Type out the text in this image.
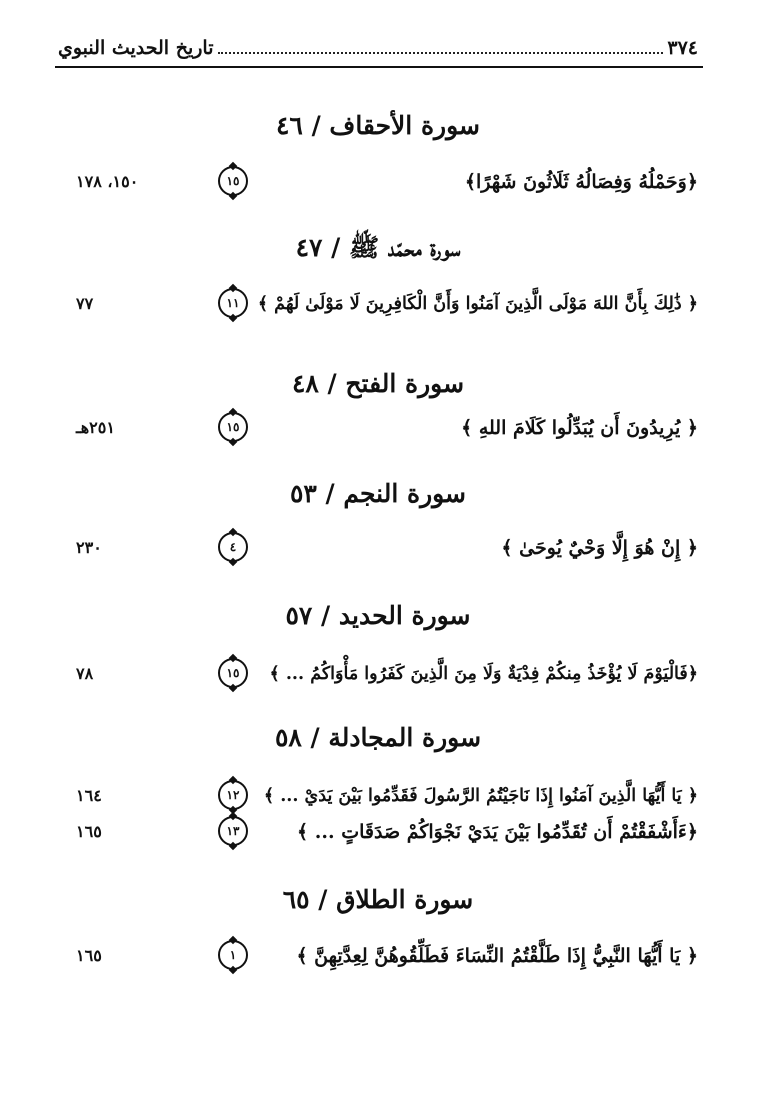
٣٧٤
تاريخ الحديث النبوي
سورة الأحقاف / ٤٦
﴿وَحَمْلُهُ وَفِصَالُهُ ثَلَاثُونَ شَهْرًا﴾
١٥
١٥٠، ١٧٨
سورة محمّد ﷺ / ٤٧
﴿ ذَٰلِكَ بِأَنَّ اللهَ مَوْلَى الَّذِينَ آمَنُوا وَأَنَّ الْكَافِرِينَ لَا مَوْلَىٰ لَهُمْ ﴾
١١
٧٧
سورة الفتح / ٤٨
﴿ يُرِيدُونَ أَن يُبَدِّلُوا كَلَامَ اللهِ ﴾
١٥
٢٥١هـ
سورة النجم / ٥٣
﴿ إِنْ هُوَ إِلَّا وَحْيٌ يُوحَىٰ ﴾
٤
٢٣٠
سورة الحديد / ٥٧
﴿فَالْيَوْمَ لَا يُؤْخَذُ مِنكُمْ فِدْيَةٌ وَلَا مِنَ الَّذِينَ كَفَرُوا مَأْوَاكُمُ ... ﴾
١٥
٧٨
سورة المجادلة / ٥٨
﴿ يَا أَيُّهَا الَّذِينَ آمَنُوا إِذَا نَاجَيْتُمُ الرَّسُولَ فَقَدِّمُوا بَيْنَ يَدَيْ ... ﴾
١٢
١٦٤
﴿ءَأَشْفَقْتُمْ أَن تُقَدِّمُوا بَيْنَ يَدَيْ نَجْوَاكُمْ صَدَقَاتٍ ... ﴾
١٣
١٦٥
سورة الطلاق / ٦٥
﴿ يَا أَيُّهَا النَّبِيُّ إِذَا طَلَّقْتُمُ النِّسَاءَ فَطَلِّقُوهُنَّ لِعِدَّتِهِنَّ ﴾
١
١٦٥
